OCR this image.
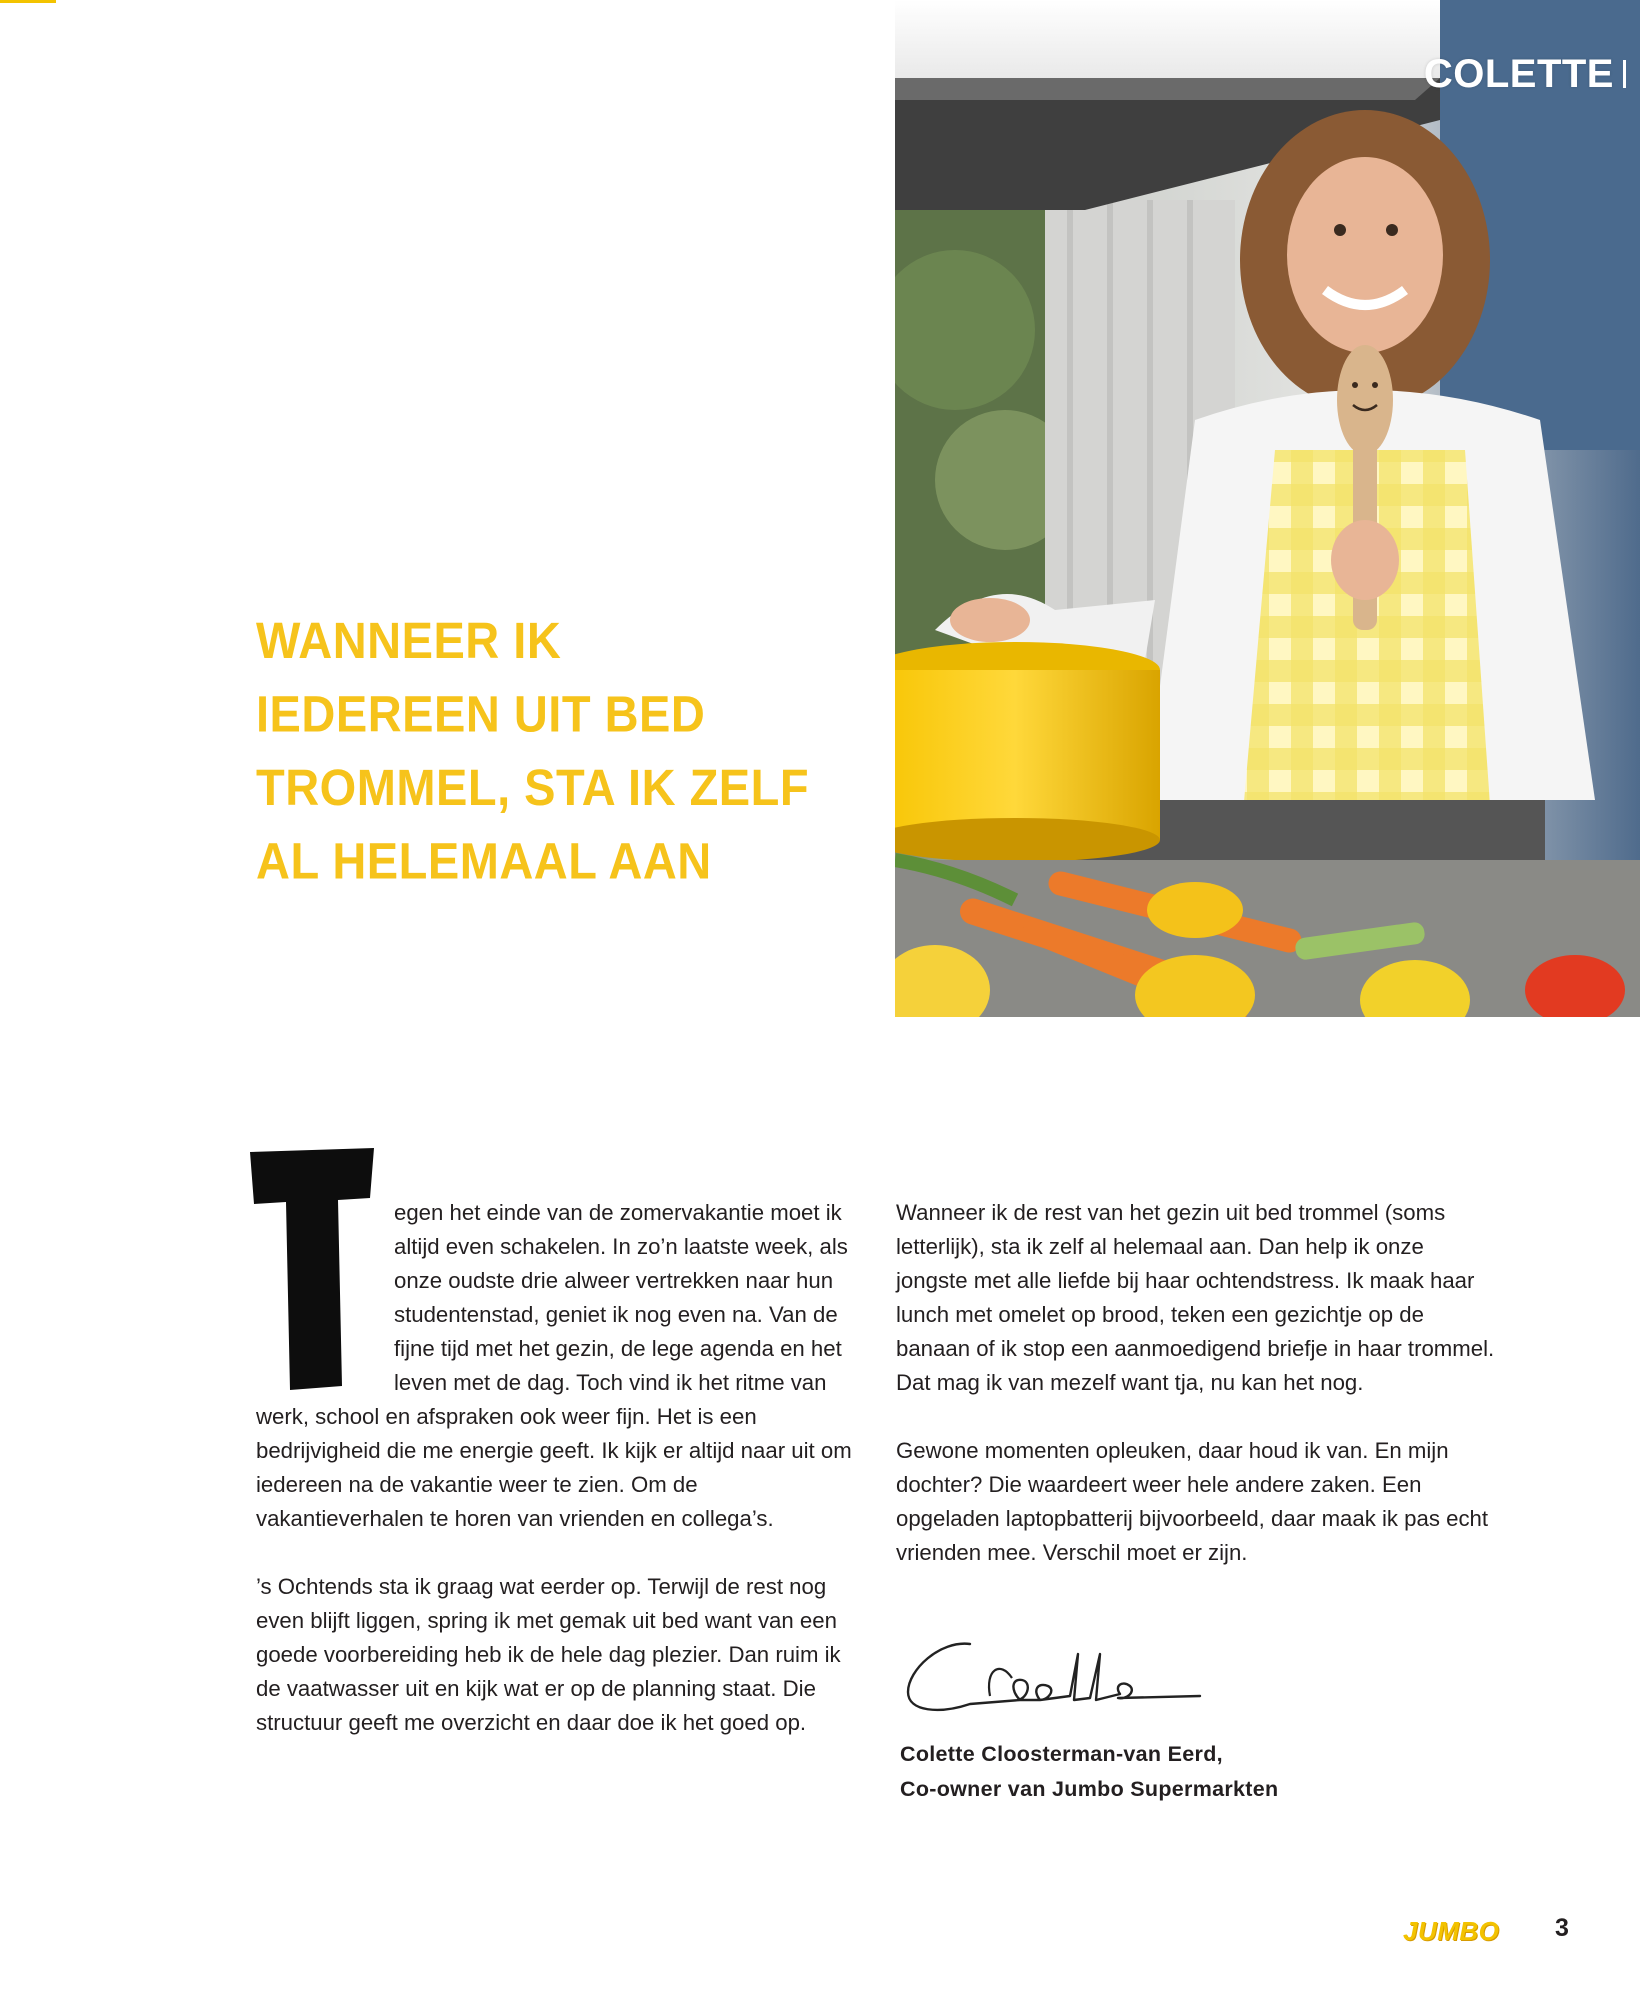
WANNEER IK IEDEREEN UIT BED TROMMEL, STA IK ZELF AL HELEMAAL AAN
COLETTE

egen het einde van de zomervakantie moet ik altijd even schakelen. In zo’n laatste week, als onze oudste drie alweer vertrekken naar hun studentenstad, geniet ik nog even na. Van de fijne tijd met het gezin, de lege agenda en het leven met de dag. Toch vind ik het ritme van werk, school en afspraken ook weer fijn. Het is een bedrijvigheid die me energie geeft. Ik kijk er altijd naar uit om iedereen na de vakantie weer te zien. Om de vakantieverhalen te horen van vrienden en collega’s.

’s Ochtends sta ik graag wat eerder op. Terwijl de rest nog even blijft liggen, spring ik met gemak uit bed want van een goede voorbereiding heb ik de hele dag plezier. Dan ruim ik de vaatwasser uit en kijk wat er op de planning staat. Die structuur geeft me overzicht en daar doe ik het goed op.

Wanneer ik de rest van het gezin uit bed trommel (soms letterlijk), sta ik zelf al helemaal aan. Dan help ik onze jongste met alle liefde bij haar ochtendstress. Ik maak haar lunch met omelet op brood, teken een gezichtje op de banaan of ik stop een aanmoedigend briefje in haar trommel. Dat mag ik van mezelf want tja, nu kan het nog.

Gewone momenten opleuken, daar houd ik van. En mijn dochter? Die waardeert weer hele andere zaken. Een opgeladen laptopbatterij bijvoorbeeld, daar maak ik pas echt vrienden mee. Verschil moet er zijn.

Colette Cloosterman-van Eerd,
Co-owner van Jumbo Supermarkten
JUMBO 3
